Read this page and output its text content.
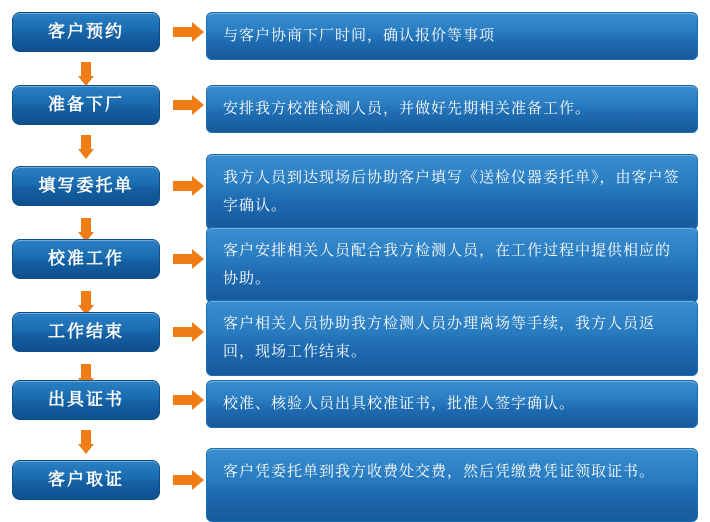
客户预约	与客户协商下厂时间，确认报价等事项
准备下厂	安排我方校准检测人员，并做好先期相关准备工作。
填写委托单	我方人员到达现场后协助客户填写《送检仪器委托单》，由客户签字确认。
校准工作	客户安排相关人员配合我方检测人员，在工作过程中提供相应的协助。
工作结束	客户相关人员协助我方检测人员办理离场等手续，我方人员返回，现场工作结束。
出具证书	校准、核验人员出具校准证书，批准人签字确认。
客户取证	客户凭委托单到我方收费处交费，然后凭缴费凭证领取证书。
